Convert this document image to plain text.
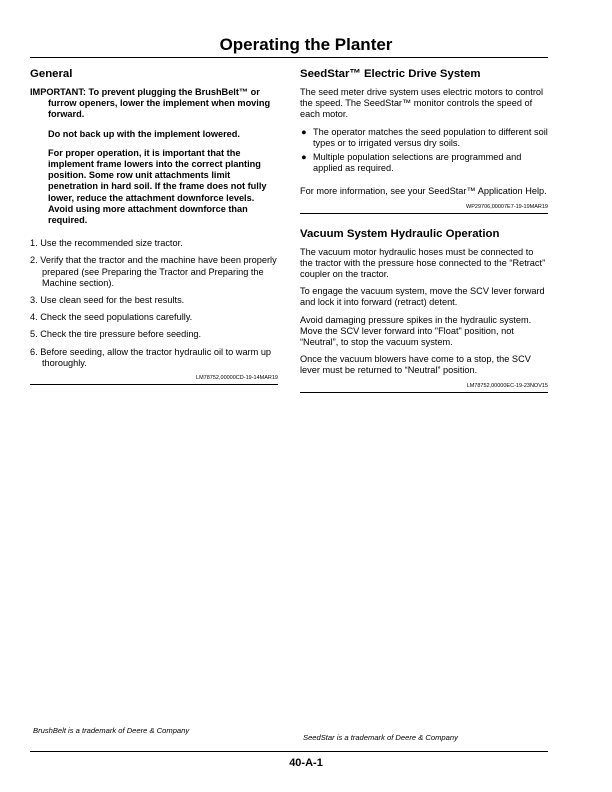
Operating the Planter
General
IMPORTANT: To prevent plugging the BrushBelt™ or furrow openers, lower the implement when moving forward.
Do not back up with the implement lowered.
For proper operation, it is important that the implement frame lowers into the correct planting position. Some row unit attachments limit penetration in hard soil. If the frame does not fully lower, reduce the attachment downforce levels. Avoid using more attachment downforce than required.
1. Use the recommended size tractor.
2. Verify that the tractor and the machine have been properly prepared (see Preparing the Tractor and Preparing the Machine section).
3. Use clean seed for the best results.
4. Check the seed populations carefully.
5. Check the tire pressure before seeding.
6. Before seeding, allow the tractor hydraulic oil to warm up thoroughly.
LM78752,00000CD-19-14MAR19
SeedStar™ Electric Drive System

The seed meter drive system uses electric motors to control the speed. The SeedStar™ monitor controls the speed of each motor.

● The operator matches the seed population to different soil types or to irrigated versus dry soils.
● Multiple population selections are programmed and applied as required.

For more information, see your SeedStar™ Application Help.

WP29706,00007E7-19-19MAR19
Vacuum System Hydraulic Operation

The vacuum motor hydraulic hoses must be connected to the tractor with the pressure hose connected to the “Retract” coupler on the tractor.

To engage the vacuum system, move the SCV lever forward and lock it into forward (retract) detent.

Avoid damaging pressure spikes in the hydraulic system. Move the SCV lever forward into "Float" position, not “Neutral”, to stop the vacuum system.

Once the vacuum blowers have come to a stop, the SCV lever must be returned to “Neutral” position.

LM78752,00000EC-19-23NOV15
BrushBelt is a trademark of Deere & Company
SeedStar is a trademark of Deere & Company
40-A-1
